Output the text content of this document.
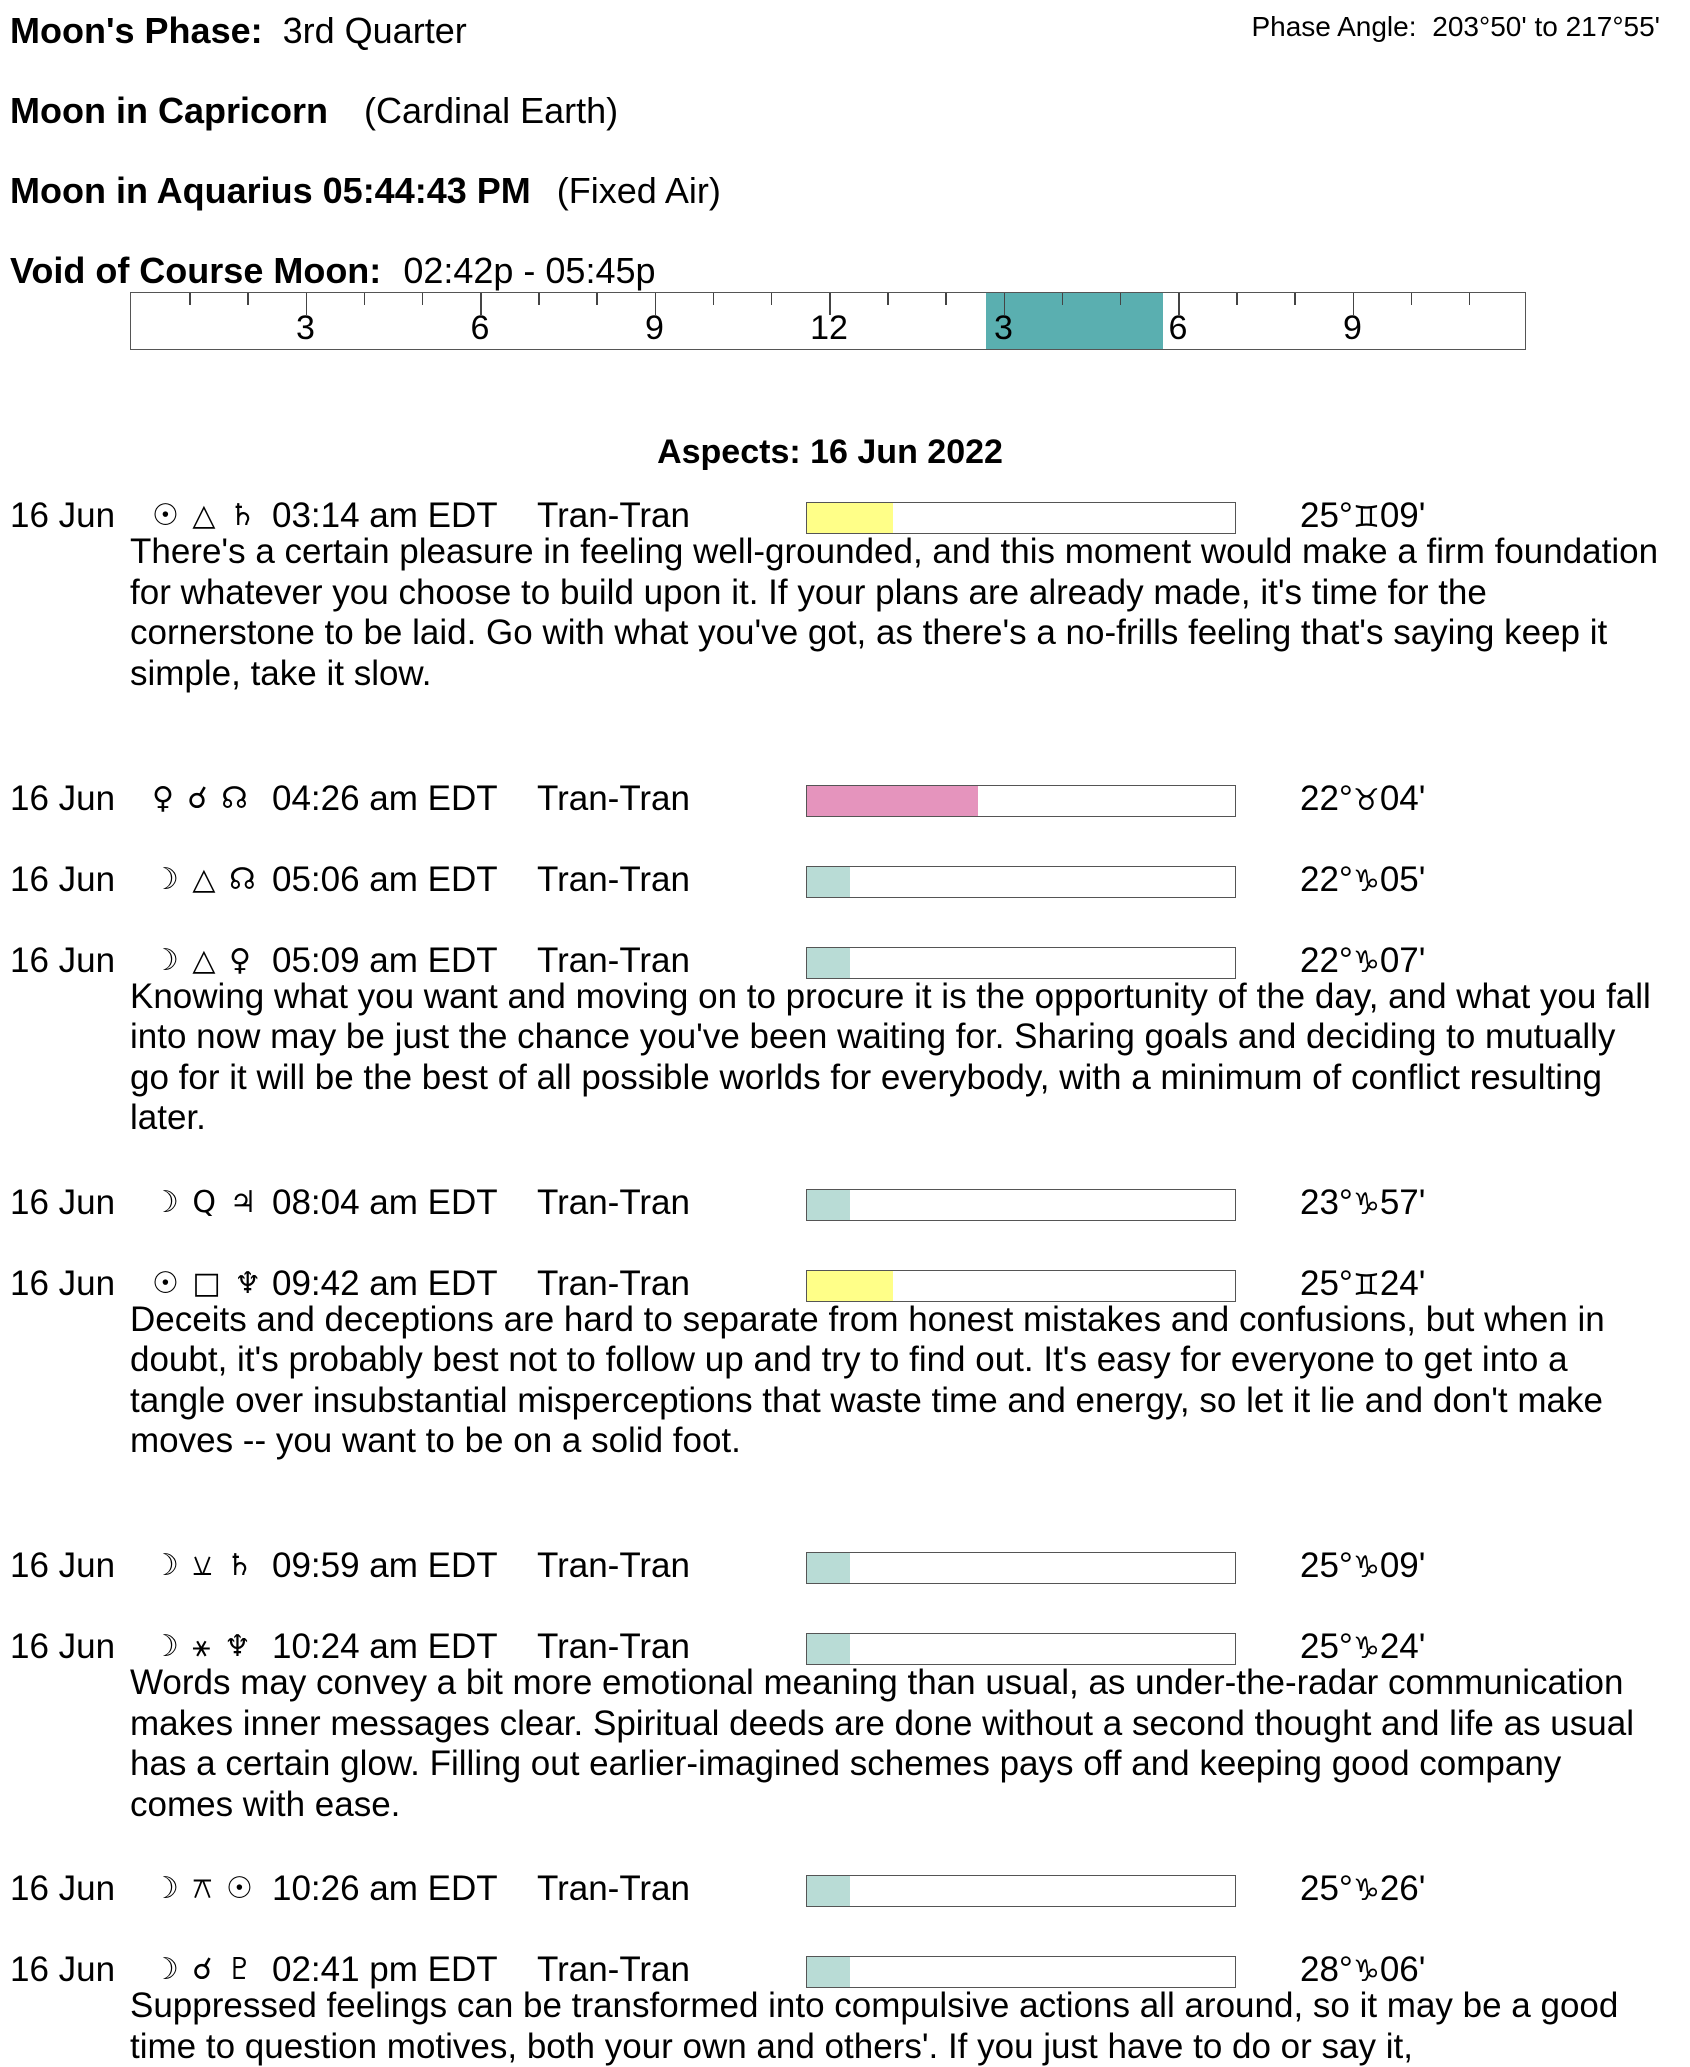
Moon's Phase: 3rd Quarter	Phase Angle: 203°50' to 217°55'
Moon in Capricorn (Cardinal Earth)
Moon in Aquarius 05:44:43 PM (Fixed Air)
Void of Course Moon: 02:42p - 05:45p
3	6	9	12	3	6	9
Aspects: 16 Jun 2022
16 Jun ☉ △ ♄ 03:14 am EDT Tran-Tran	25°♊09'
There's a certain pleasure in feeling well-grounded, and this moment would make a firm foundation for whatever you choose to build upon it. If your plans are already made, it's time for the cornerstone to be laid. Go with what you've got, as there's a no-frills feeling that's saying keep it simple, take it slow.
16 Jun ♀ ☌ ☊ 04:26 am EDT Tran-Tran	22°♉04'
16 Jun ☽ △ ☊ 05:06 am EDT Tran-Tran	22°♑05'
16 Jun ☽ △ ♀ 05:09 am EDT Tran-Tran	22°♑07'
Knowing what you want and moving on to procure it is the opportunity of the day, and what you fall into now may be just the chance you've been waiting for. Sharing goals and deciding to mutually go for it will be the best of all possible worlds for everybody, with a minimum of conflict resulting later.
16 Jun ☽ Q ♃ 08:04 am EDT Tran-Tran	23°♑57'
16 Jun ☉ □ ♆ 09:42 am EDT Tran-Tran	25°♊24'
Deceits and deceptions are hard to separate from honest mistakes and confusions, but when in doubt, it's probably best not to follow up and try to find out. It's easy for everyone to get into a tangle over insubstantial misperceptions that waste time and energy, so let it lie and don't make moves -- you want to be on a solid foot.
16 Jun ☽ ⚺ ♄ 09:59 am EDT Tran-Tran	25°♑09'
16 Jun ☽ ⚹ ♆ 10:24 am EDT Tran-Tran	25°♑24'
Words may convey a bit more emotional meaning than usual, as under-the-radar communication makes inner messages clear. Spiritual deeds are done without a second thought and life as usual has a certain glow. Filling out earlier-imagined schemes pays off and keeping good company comes with ease.
16 Jun ☽ ⚻ ☉ 10:26 am EDT Tran-Tran	25°♑26'
16 Jun ☽ ☌ ♇ 02:41 pm EDT Tran-Tran	28°♑06'
Suppressed feelings can be transformed into compulsive actions all around, so it may be a good time to question motives, both your own and others'. If you just have to do or say it,
